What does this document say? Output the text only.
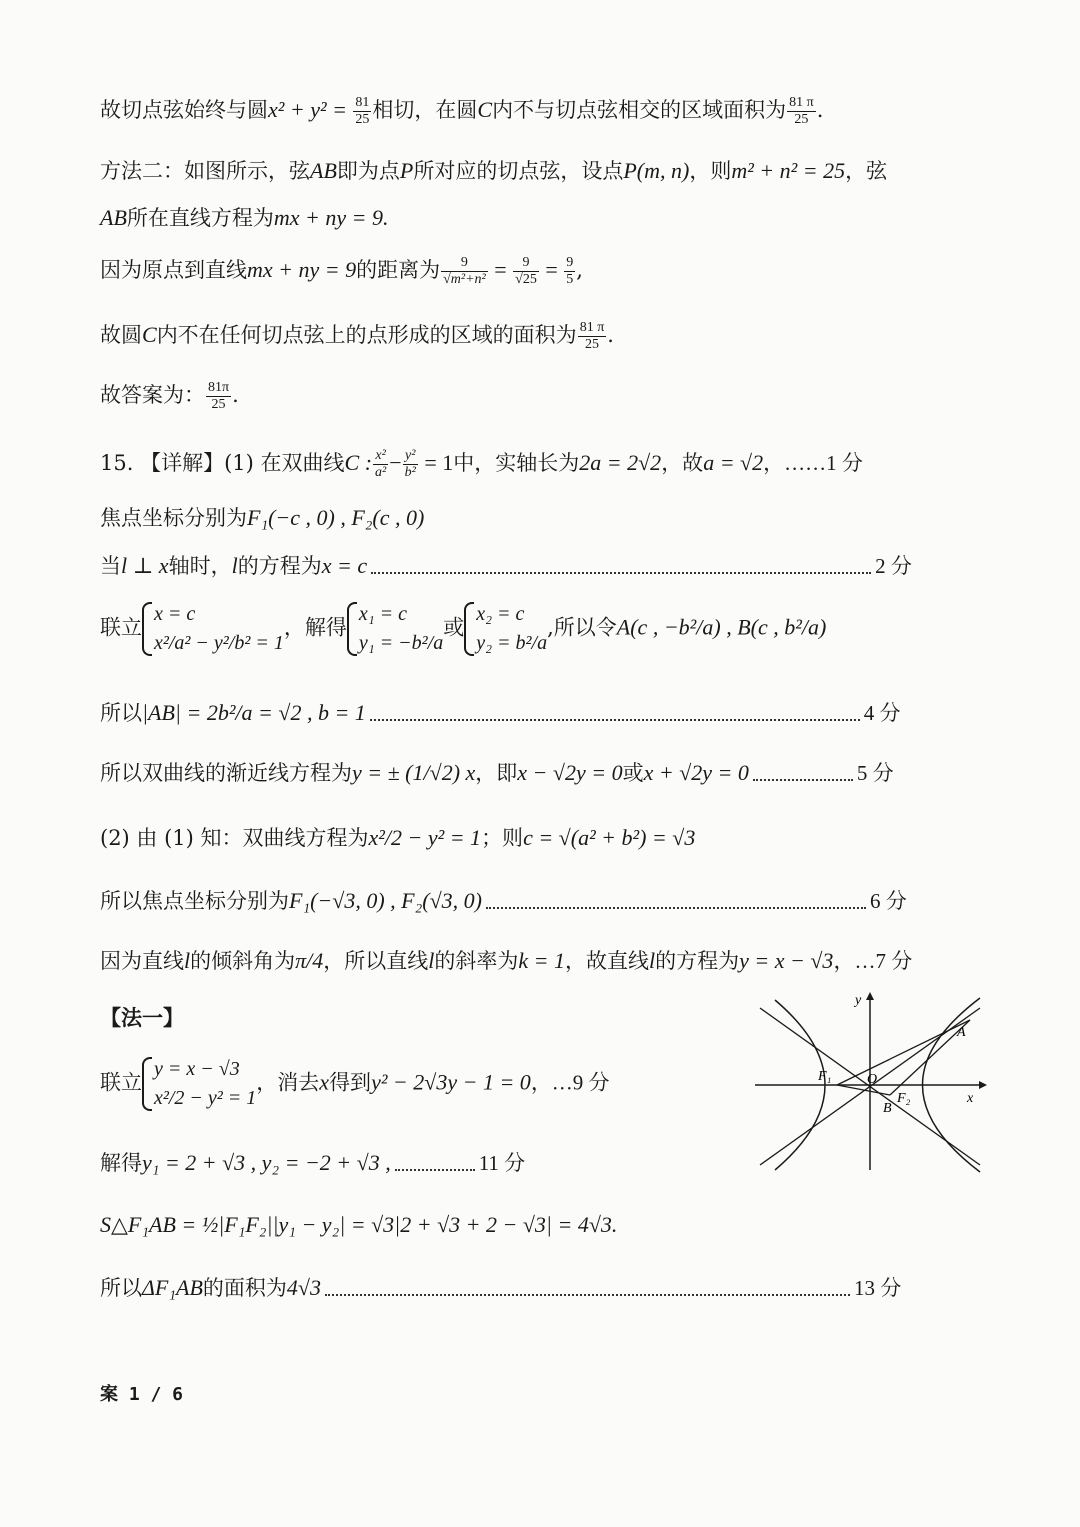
故切点弦始终与圆$x^2 + y^2 = \frac{81}{25}$ 相切，在圆C内不与切点弦相交的区域面积为 $\frac{81 \pi}{25}$ .
方法二：如图所示，弦AB即为点P所对应的切点弦，设点P(m, n)，则m² + n² = 25，弦
AB所在直线方程为mx + ny = 9.
因为原点到直线mx + ny = 9的距离为 $\frac{9}{\text{√m²+n²}} = \frac{9}{√25} = \frac{9}{5}$ ,
故圆C内不在任何切点弦上的点形成的区域的面积为 $\frac{81 \pi}{25}$ .
故答案为： $\frac{81\pi}{25}$ .
15. 【详解】(1) 在双曲线C : $\frac{\text{x²}}{\text{a²}} - \frac{\text{y²}}{\text{b²}} = 1$中，实轴长为2a = 2√2，故a = √2，……1 分
焦点坐标分别为F₁(−c , 0) , F₂(c , 0)
当l ⊥ x轴时，l的方程为x = c	2 分
联立
x = c
x²/a² − y²/b² = 1
，解得
x₁ = c
y₁ = −b²/a
或
x₂ = c
y₂ = b²/a
,所以令A(c , −b²/a) , B(c , b²/a)
所以|AB| = 2b²/a = √2 , b = 1	4 分
所以双曲线的渐近线方程为y = ± (1/√2) x，即x − √2y = 0或x + √2y = 0	5 分
(2) 由 (1) 知：双曲线方程为x²/2 − y² = 1；则c = √(a² + b²) = √3
所以焦点坐标分别为F₁(−√3, 0) , F₂(√3, 0)	6 分
因为直线l的倾斜角为π/4，所以直线l的斜率为k = 1，故直线l的方程为y = x − √3，…7 分
【法一】
联立
y = x − √3
x²/2 − y² = 1
，消去x得到y² − 2√3y − 1 = 0，…9 分
解得y₁ = 2 + √3 , y₂ = −2 + √3 ,	11 分
S△F₁AB = ½|F₁F₂||y₁ − y₂| = √3|2 + √3 + 2 − √3| = 4√3.
所以ΔF₁AB的面积为4√3	13 分
y
x
A
B
O
F₁
F₂
案 1 / 6
